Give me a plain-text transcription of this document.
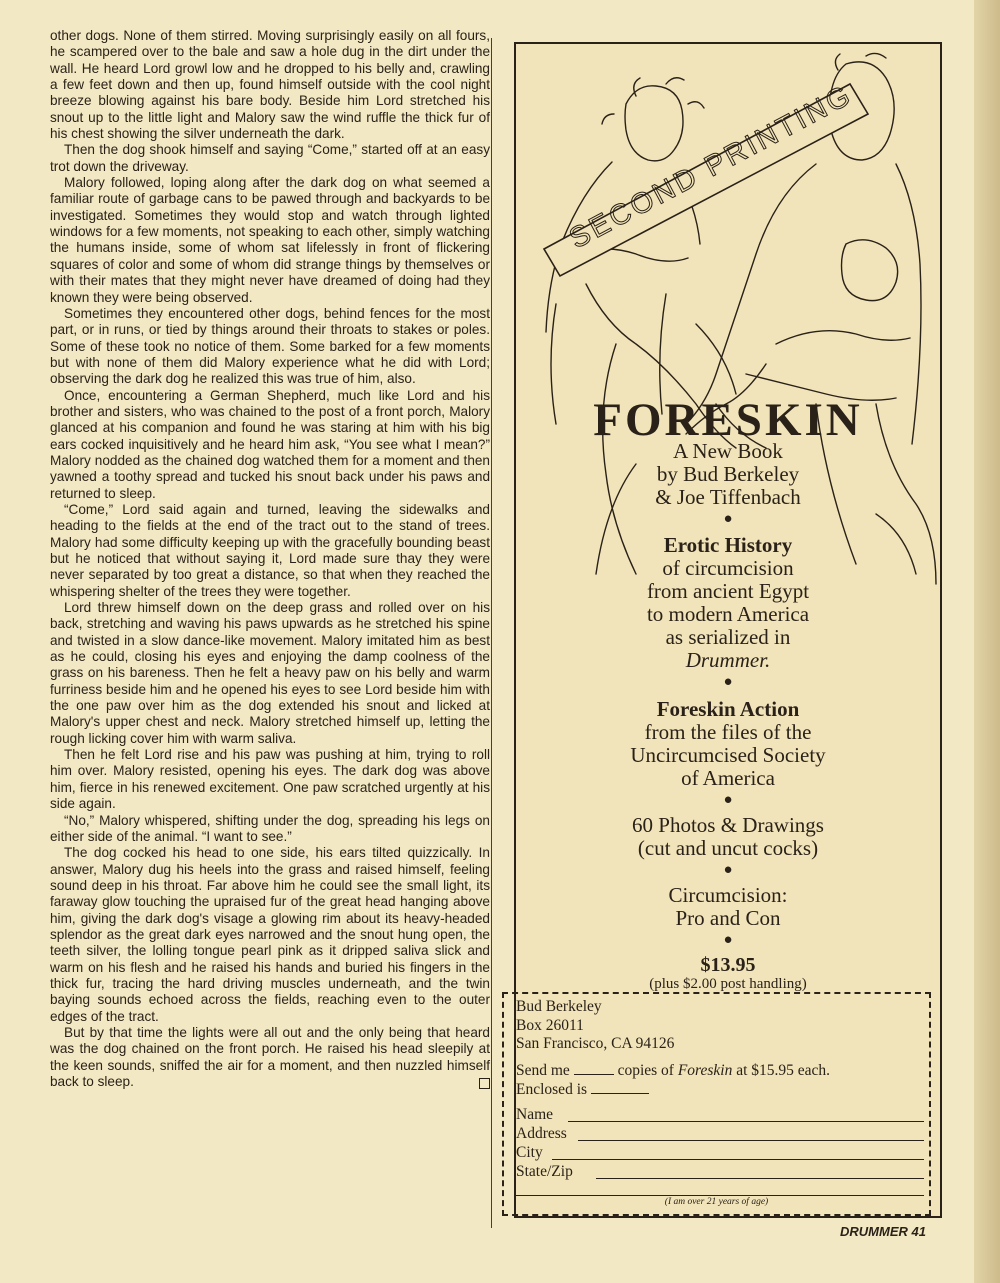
other dogs. None of them stirred. Moving surprisingly easily on all fours, he scampered over to the bale and saw a hole dug in the dirt under the wall. He heard Lord growl low and he dropped to his belly and, crawling a few feet down and then up, found himself outside with the cool night breeze blowing against his bare body. Beside him Lord stretched his snout up to the little light and Malory saw the wind ruffle the thick fur of his chest showing the silver underneath the dark.

Then the dog shook himself and saying “Come,” started off at an easy trot down the driveway.

Malory followed, loping along after the dark dog on what seemed a familiar route of garbage cans to be pawed through and backyards to be investigated. Sometimes they would stop and watch through lighted windows for a few moments, not speaking to each other, simply watching the humans inside, some of whom sat lifelessly in front of flickering squares of color and some of whom did strange things by themselves or with their mates that they might never have dreamed of doing had they known they were being observed.

Sometimes they encountered other dogs, behind fences for the most part, or in runs, or tied by things around their throats to stakes or poles. Some of these took no notice of them. Some barked for a few moments but with none of them did Malory experience what he did with Lord; observing the dark dog he realized this was true of him, also.

Once, encountering a German Shepherd, much like Lord and his brother and sisters, who was chained to the post of a front porch, Malory glanced at his companion and found he was staring at him with his big ears cocked inquisitively and he heard him ask, “You see what I mean?” Malory nodded as the chained dog watched them for a moment and then yawned a toothy spread and tucked his snout back under his paws and returned to sleep.

“Come,” Lord said again and turned, leaving the sidewalks and heading to the fields at the end of the tract out to the stand of trees. Malory had some difficulty keeping up with the gracefully bounding beast but he noticed that without saying it, Lord made sure thay they were never separated by too great a distance, so that when they reached the whispering shelter of the trees they were together.

Lord threw himself down on the deep grass and rolled over on his back, stretching and waving his paws upwards as he stretched his spine and twisted in a slow dance-like movement. Malory imitated him as best as he could, closing his eyes and enjoying the damp coolness of the grass on his bareness. Then he felt a heavy paw on his belly and warm furriness beside him and he opened his eyes to see Lord beside him with the one paw over him as the dog extended his snout and licked at Malory's upper chest and neck. Malory stretched himself up, letting the rough licking cover him with warm saliva.

Then he felt Lord rise and his paw was pushing at him, trying to roll him over. Malory resisted, opening his eyes. The dark dog was above him, fierce in his renewed excitement. One paw scratched urgently at his side again.

“No,” Malory whispered, shifting under the dog, spreading his legs on either side of the animal. “I want to see.”

The dog cocked his head to one side, his ears tilted quizzically. In answer, Malory dug his heels into the grass and raised himself, feeling sound deep in his throat. Far above him he could see the small light, its faraway glow touching the upraised fur of the great head hanging above him, giving the dark dog's visage a glowing rim about its heavy-headed splendor as the great dark eyes narrowed and the snout hung open, the teeth silver, the lolling tongue pearl pink as it dripped saliva slick and warm on his flesh and he raised his hands and buried his fingers in the thick fur, tracing the hard driving muscles underneath, and the twin baying sounds echoed across the fields, reaching even to the outer edges of the tract.

But by that time the lights were all out and the only being that heard was the dog chained on the front porch. He raised his head sleepily at the keen sounds, sniffed the air for a moment, and then nuzzled himself back to sleep.

SECOND PRINTING
FORESKIN
A New Book
by Bud Berkeley
& Joe Tiffenbach
●
Erotic History
of circumcision
from ancient Egypt
to modern America
as serialized in
Drummer.
●
Foreskin Action
from the files of the
Uncircumcised Society
of America
●
60 Photos & Drawings
(cut and uncut cocks)
●
Circumcision:
Pro and Con
●
$13.95
(plus $2.00 post handling)
Bud Berkeley
Box 26011
San Francisco, CA 94126
Send me	copies of Foreskin at $15.95 each.
Enclosed is
Name
Address
City
State/Zip
(I am over 21 years of age)
DRUMMER 41
